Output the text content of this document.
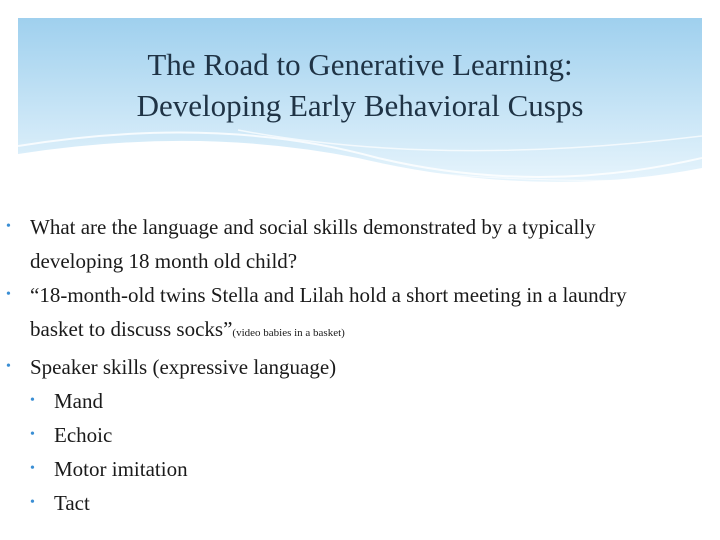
The Road to Generative Learning:
Developing Early Behavioral Cusps
• What are the language and social skills demonstrated by a typically
developing 18 month old child?
• “18-month-old twins Stella and Lilah hold a short meeting in a laundry
basket to discuss socks”(video babies in a basket)
• Speaker skills (expressive language)
• Mand
• Echoic
• Motor imitation
• Tact
